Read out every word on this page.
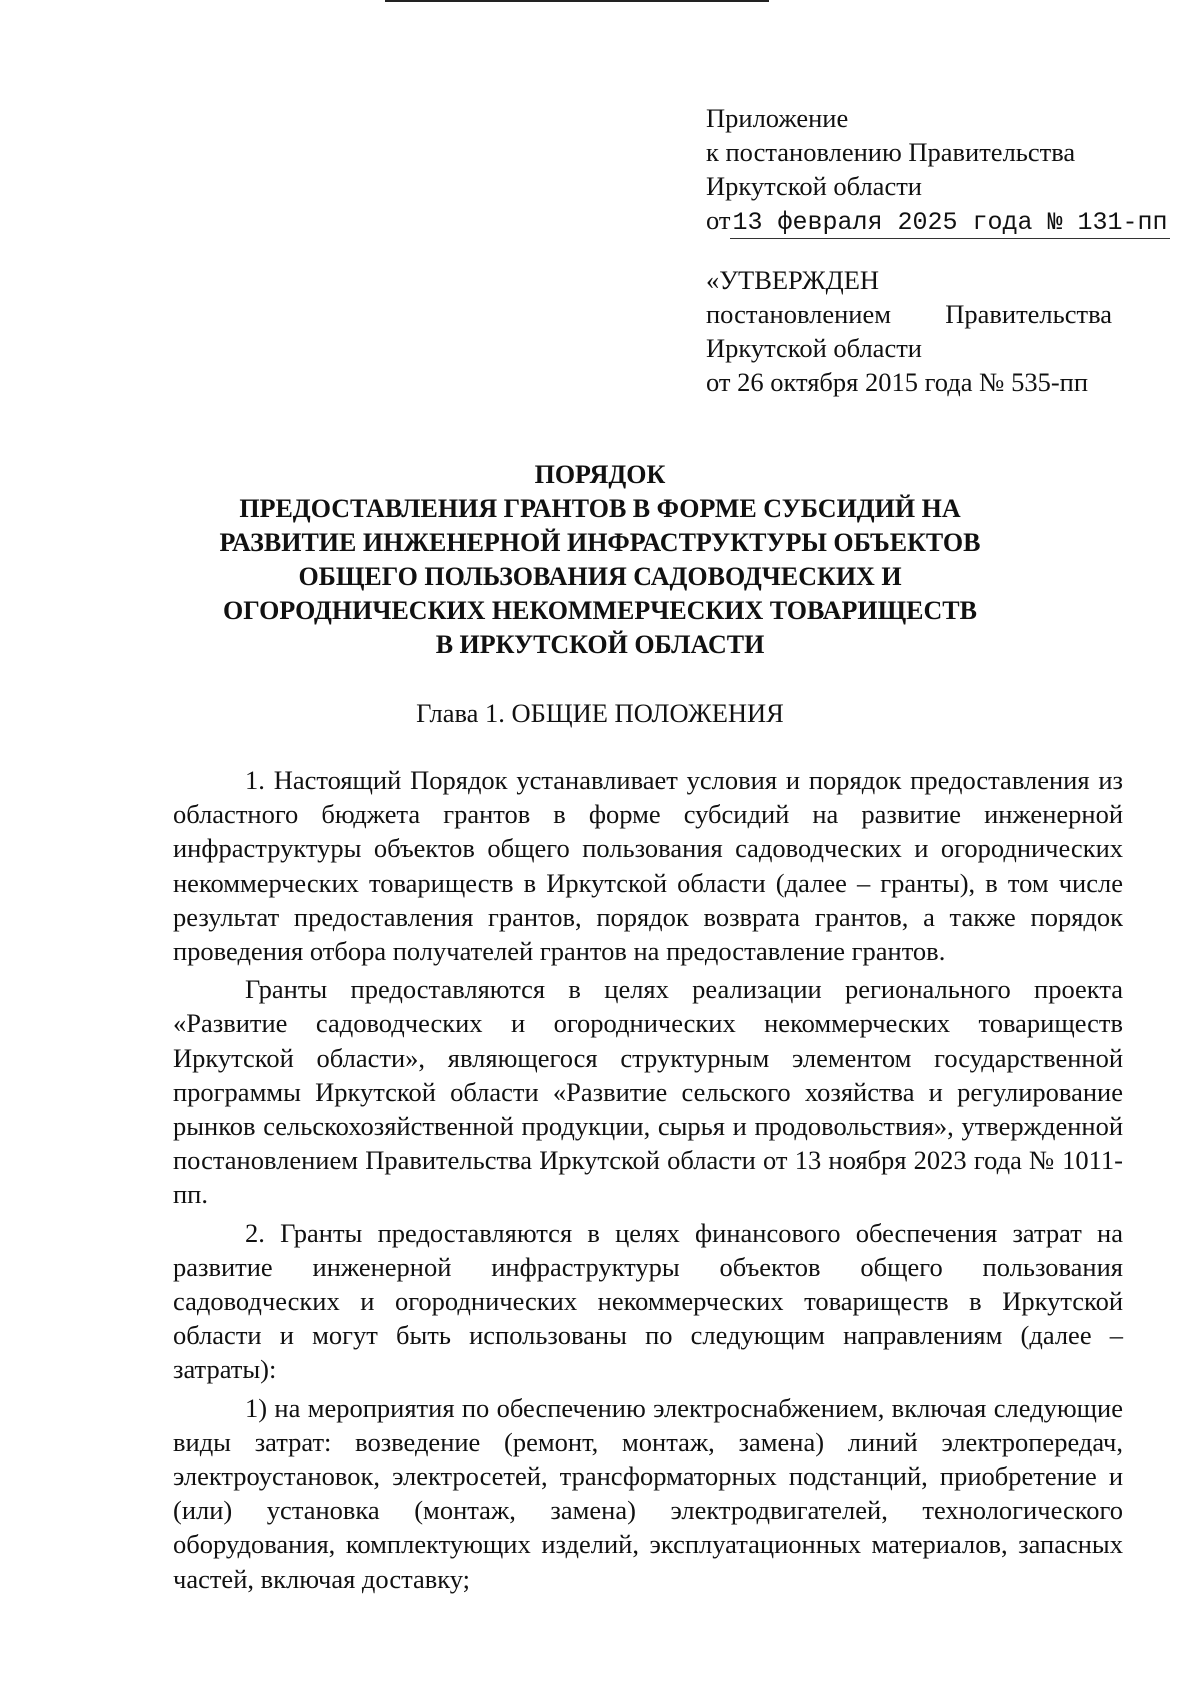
Приложение
к постановлению Правительства
Иркутской области
от13 февраля 2025 года № 131-пп
«УТВЕРЖДЕН
постановлением Правительства
Иркутской области
от 26 октября 2015 года № 535-пп
ПОРЯДОК
ПРЕДОСТАВЛЕНИЯ ГРАНТОВ В ФОРМЕ СУБСИДИЙ НА
РАЗВИТИЕ ИНЖЕНЕРНОЙ ИНФРАСТРУКТУРЫ ОБЪЕКТОВ
ОБЩЕГО ПОЛЬЗОВАНИЯ САДОВОДЧЕСКИХ И
ОГОРОДНИЧЕСКИХ НЕКОММЕРЧЕСКИХ ТОВАРИЩЕСТВ
В ИРКУТСКОЙ ОБЛАСТИ
Глава 1. ОБЩИЕ ПОЛОЖЕНИЯ

1. Настоящий Порядок устанавливает условия и порядок предоставления из областного бюджета грантов в форме субсидий на развитие инженерной инфраструктуры объектов общего пользования садоводческих и огороднических некоммерческих товариществ в Иркутской области (далее – гранты), в том числе результат предоставления грантов, порядок возврата грантов, а также порядок проведения отбора получателей грантов на предоставление грантов.

Гранты предоставляются в целях реализации регионального проекта «Развитие садоводческих и огороднических некоммерческих товариществ Иркутской области», являющегося структурным элементом государственной программы Иркутской области «Развитие сельского хозяйства и регулирование рынков сельскохозяйственной продукции, сырья и продовольствия», утвержденной постановлением Правительства Иркутской области от 13 ноября 2023 года № 1011-пп.

2. Гранты предоставляются в целях финансового обеспечения затрат на развитие инженерной инфраструктуры объектов общего пользования садоводческих и огороднических некоммерческих товариществ в Иркутской области и могут быть использованы по следующим направлениям (далее – затраты):

1) на мероприятия по обеспечению электроснабжением, включая следующие виды затрат: возведение (ремонт, монтаж, замена) линий электропередач, электроустановок, электросетей, трансформаторных подстанций, приобретение и (или) установка (монтаж, замена) электродвигателей, технологического оборудования, комплектующих изделий, эксплуатационных материалов, запасных частей, включая доставку;
